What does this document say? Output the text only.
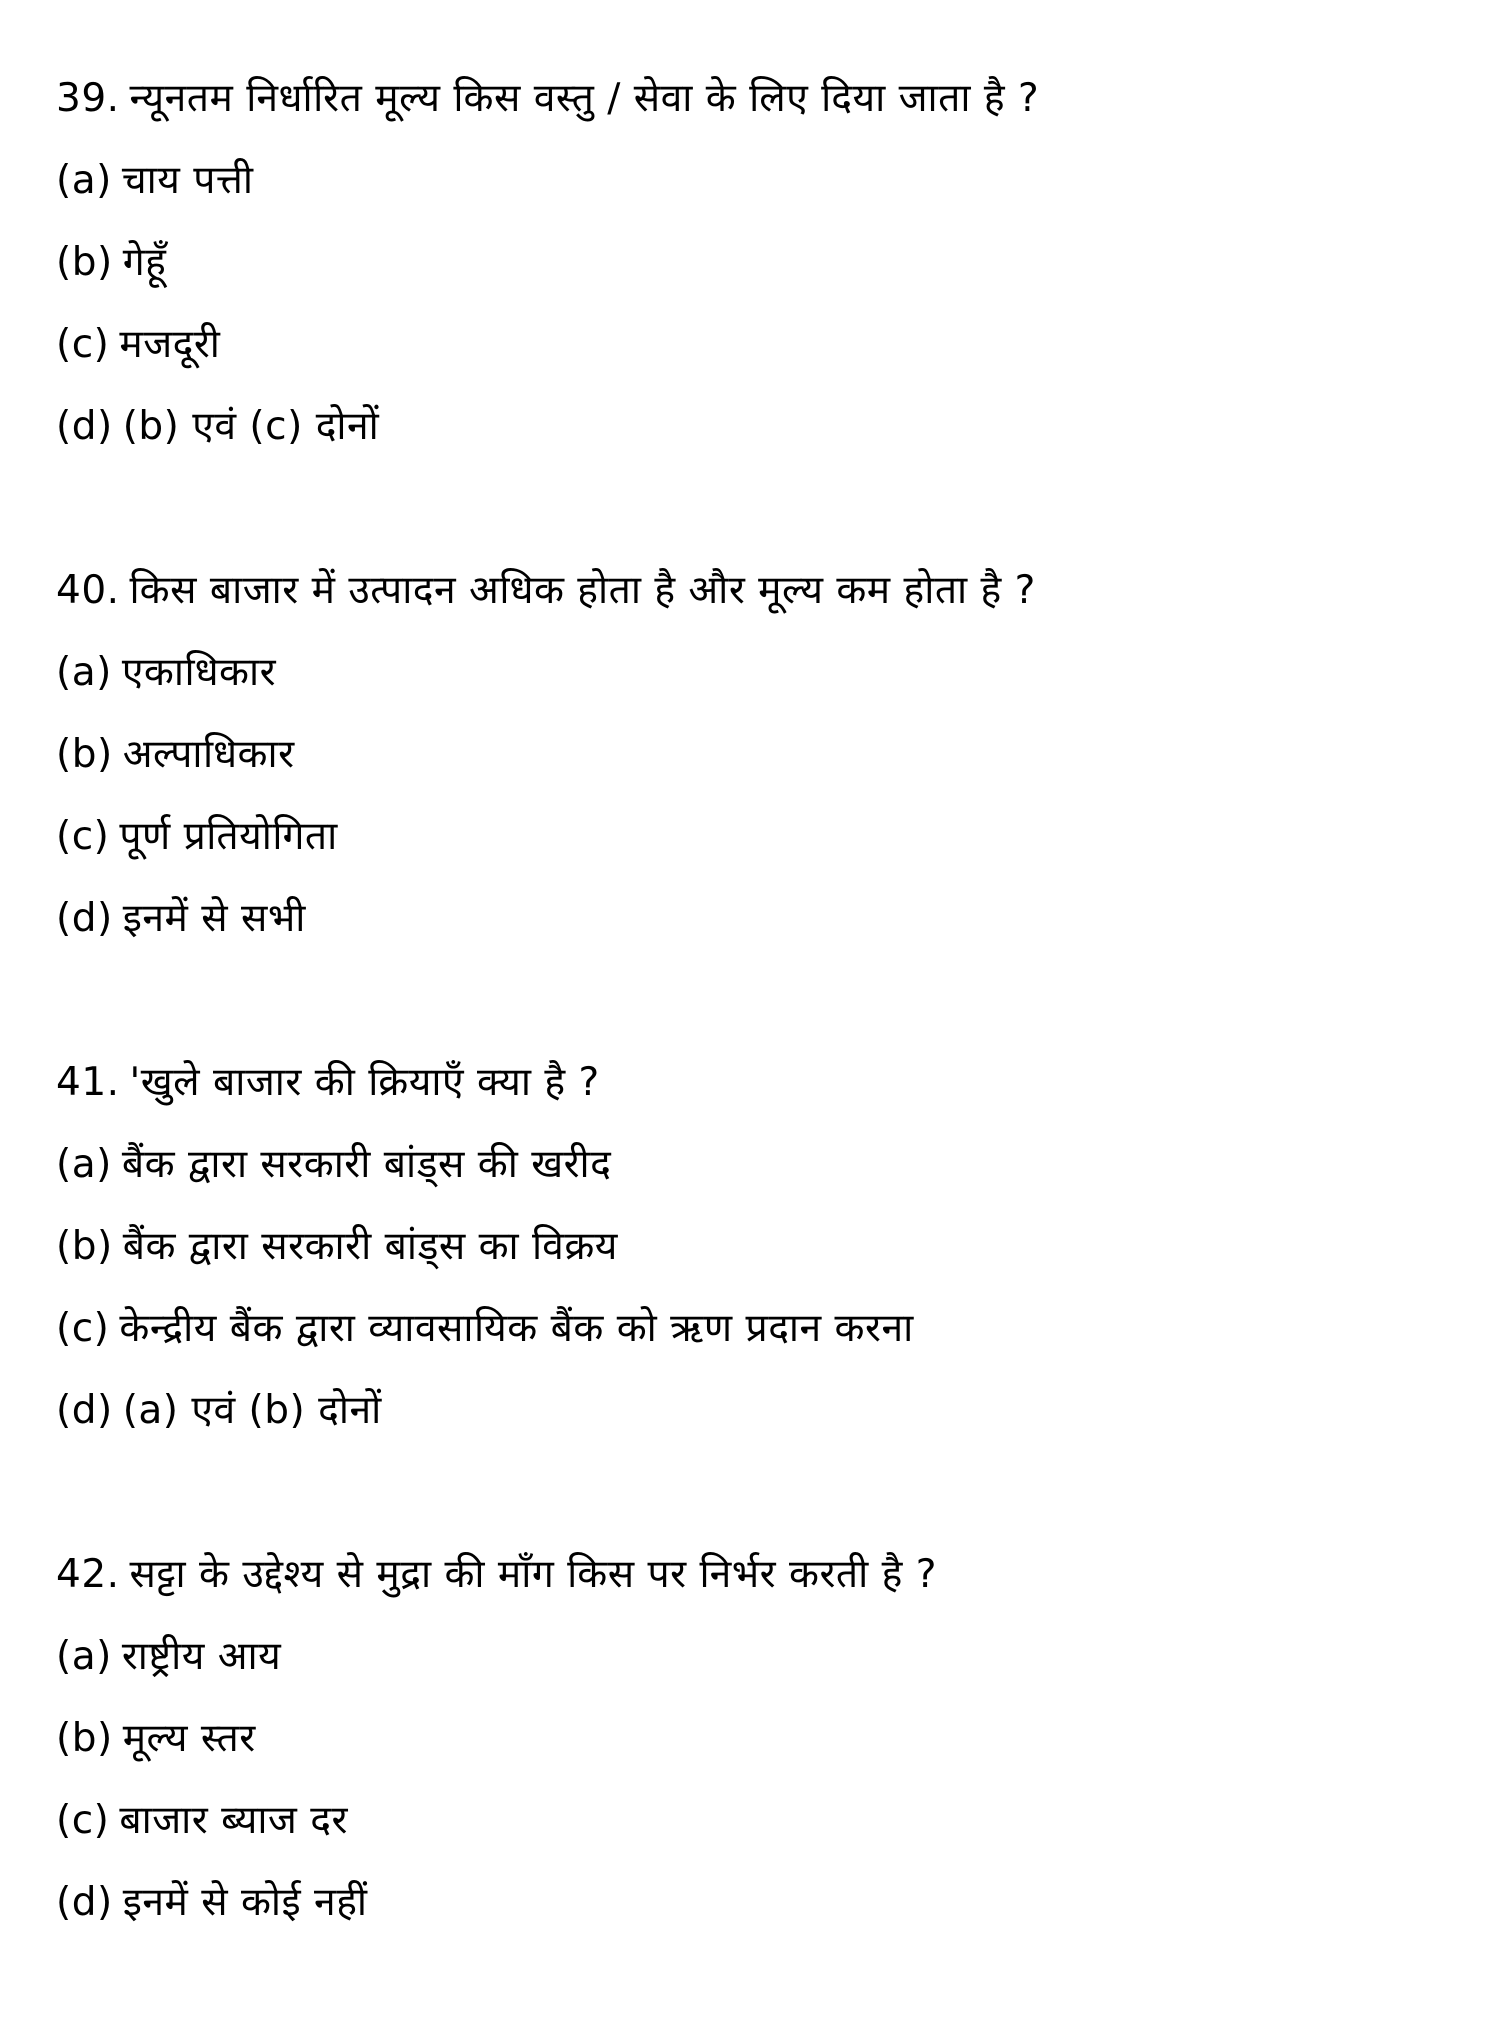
39. न्यूनतम निर्धारित मूल्य किस वस्तु / सेवा के लिए दिया जाता है ?
(a) चाय पत्ती
(b) गेहूँ
(c) मजदूरी
(d) (b) एवं (c) दोनों
40. किस बाजार में उत्पादन अधिक होता है और मूल्य कम होता है ?
(a) एकाधिकार
(b) अल्पाधिकार
(c) पूर्ण प्रतियोगिता
(d) इनमें से सभी
41. 'खुले बाजार की क्रियाएँ क्या है ?
(a) बैंक द्वारा सरकारी बांड्स की खरीद
(b) बैंक द्वारा सरकारी बांड्स का विक्रय
(c) केन्द्रीय बैंक द्वारा व्यावसायिक बैंक को ऋण प्रदान करना
(d) (a) एवं (b) दोनों
42. सट्टा के उद्देश्य से मुद्रा की माँग किस पर निर्भर करती है ?
(a) राष्ट्रीय आय
(b) मूल्य स्तर
(c) बाजार ब्याज दर
(d) इनमें से कोई नहीं
